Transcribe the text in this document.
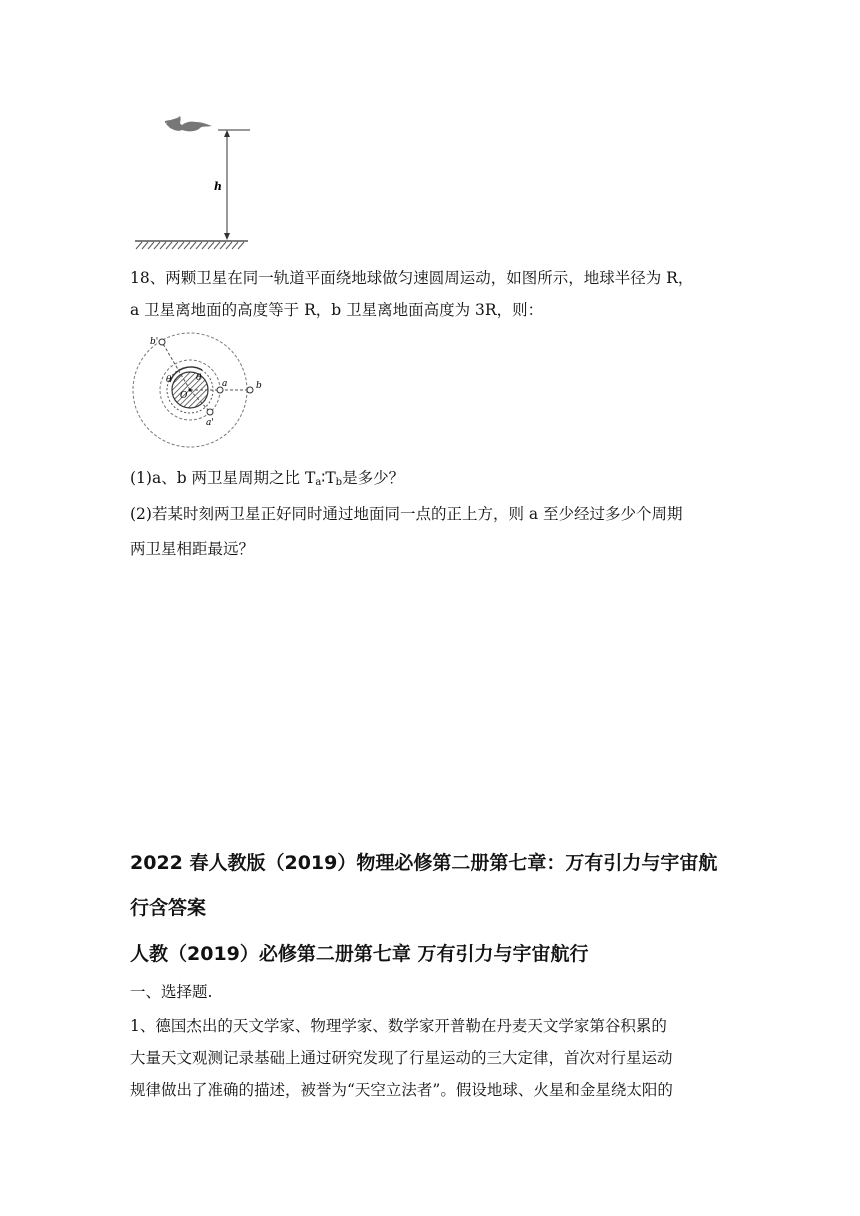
h
18、两颗卫星在同一轨道平面绕地球做匀速圆周运动，如图所示，地球半径为 R，
a 卫星离地面的高度等于 R，b 卫星离地面高度为 3R，则：
b'
b
a
a'
θ	θ
O
(1)a、b 两卫星周期之比 $T_a∶T_b$是多少？
(2)若某时刻两卫星正好同时通过地面同一点的正上方，则 a 至少经过多少个周期
两卫星相距最远？
2022 春人教版（2019）物理必修第二册第七章：万有引力与宇宙航
行含答案
人教（2019）必修第二册第七章 万有引力与宇宙航行
一、选择题.
1、德国杰出的天文学家、物理学家、数学家开普勒在丹麦天文学家第谷积累的
大量天文观测记录基础上通过研究发现了行星运动的三大定律，首次对行星运动
规律做出了准确的描述，被誉为“天空立法者”。假设地球、火星和金星绕太阳的
